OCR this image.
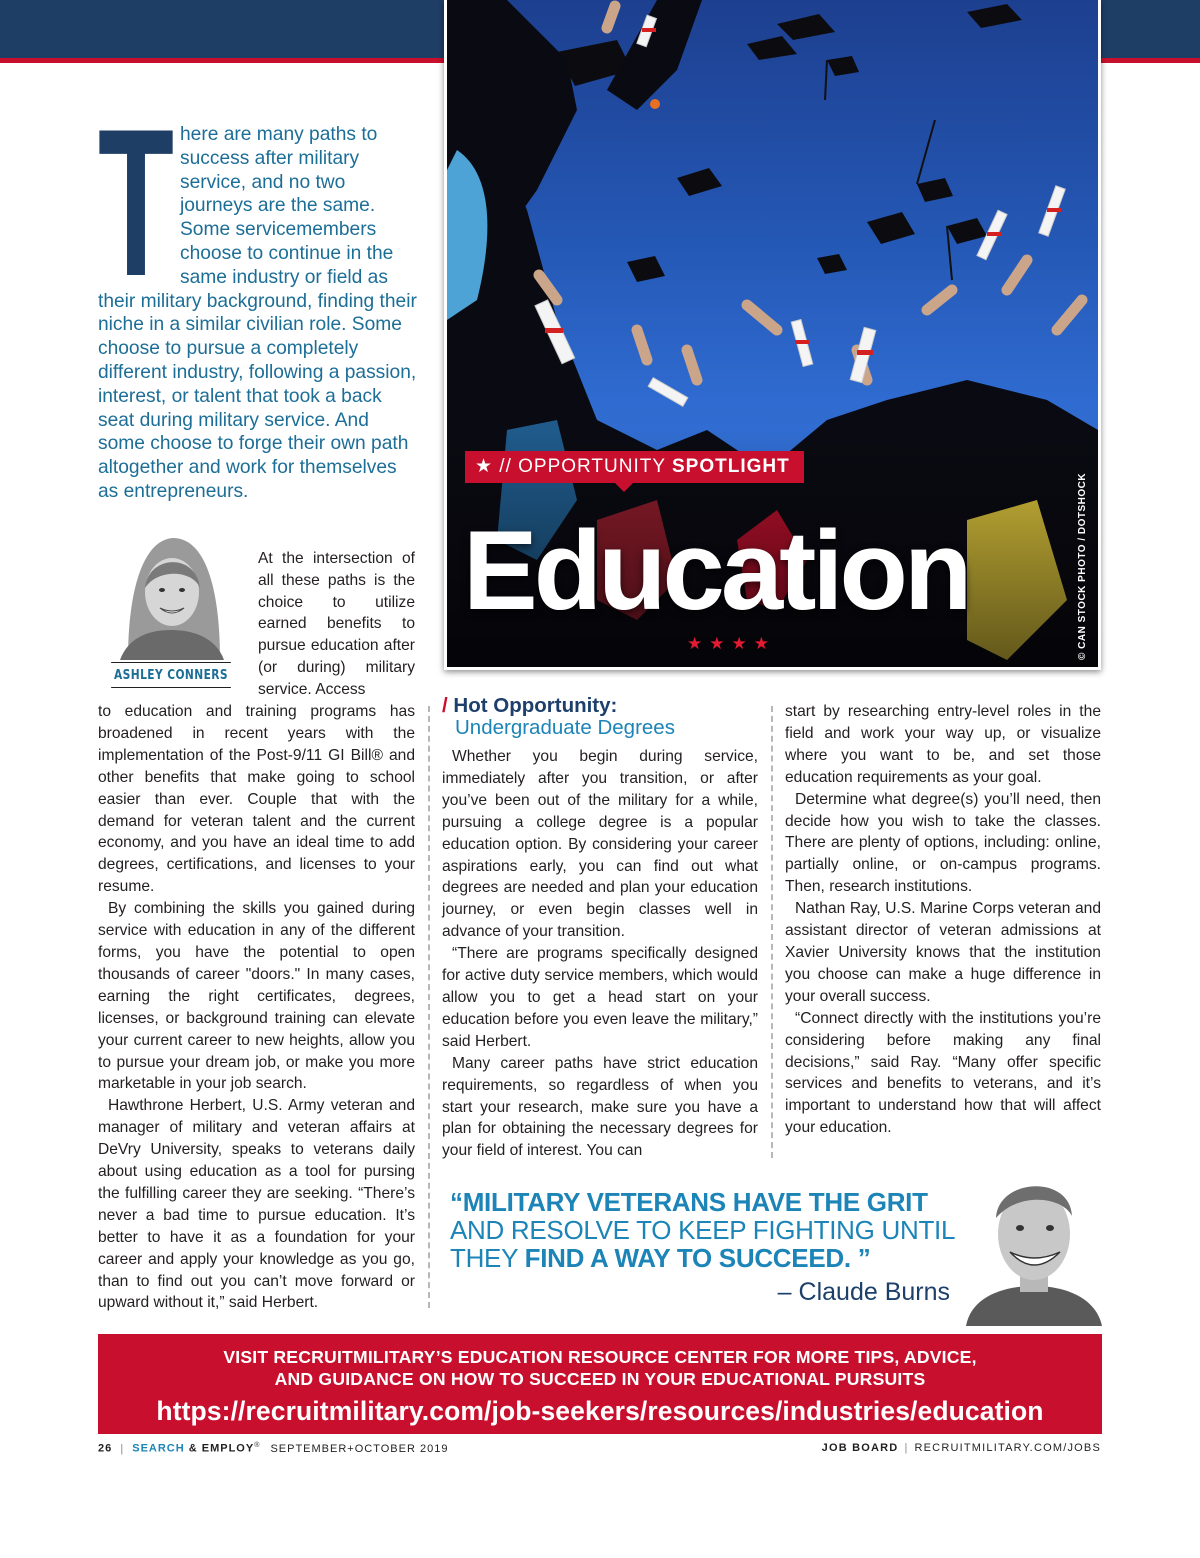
★ // OPPORTUNITY SPOTLIGHT
Education
★★★★	© CAN STOCK PHOTO / DOTSHOCK
T here are many paths to success after military service, and no two journeys are the same. Some servicemembers choose to continue in the same industry or field as their military background, finding their niche in a similar civilian role. Some choose to pursue a completely different industry, following a passion, interest, or talent that took a back seat during military service. And some choose to forge their own path altogether and work for themselves as entrepreneurs.
ASHLEY CONNERS
At the intersection of all these paths is the choice to utilize earned benefits to pursue education after (or during) military service. Access

to education and training programs has broadened in recent years with the implementation of the Post-9/11 GI Bill® and other benefits that make going to school easier than ever. Couple that with the demand for veteran talent and the current economy, and you have an ideal time to add degrees, certifications, and licenses to your resume.

By combining the skills you gained during service with education in any of the different forms, you have the potential to open thousands of career "doors." In many cases, earning the right certificates, degrees, licenses, or background training can elevate your current career to new heights, allow you to pursue your dream job, or make you more marketable in your job search.

Hawthrone Herbert, U.S. Army veteran and manager of military and veteran affairs at DeVry University, speaks to veterans daily about using education as a tool for pursing the fulfilling career they are seeking. “There’s never a bad time to pursue education. It’s better to have it as a foundation for your career and apply your knowledge as you go, than to find out you can’t move forward or upward without it,” said Herbert.

/ Hot Opportunity:
Undergraduate Degrees

Whether you begin during service, immediately after you transition, or after you’ve been out of the military for a while, pursuing a college degree is a popular education option. By considering your career aspirations early, you can find out what degrees are needed and plan your education journey, or even begin classes well in advance of your transition.

“There are programs specifically designed for active duty service members, which would allow you to get a head start on your education before you even leave the military,” said Herbert.

Many career paths have strict education requirements, so regardless of when you start your research, make sure you have a plan for obtaining the necessary degrees for your field of interest. You can

start by researching entry-level roles in the field and work your way up, or visualize where you want to be, and set those education requirements as your goal.

Determine what degree(s) you’ll need, then decide how you wish to take the classes. There are plenty of options, including: online, partially online, or on-campus programs. Then, research institutions.

Nathan Ray, U.S. Marine Corps veteran and assistant director of veteran admissions at Xavier University knows that the institution you choose can make a huge difference in your overall success.

“Connect directly with the institutions you’re considering before making any final decisions,” said Ray. “Many offer specific services and benefits to veterans, and it’s important to understand how that will affect your education.

“MILITARY VETERANS HAVE THE GRIT
AND RESOLVE TO KEEP FIGHTING UNTIL THEY FIND A WAY TO SUCCEED. ”
– Claude Burns
VISIT RECRUITMILITARY’S EDUCATION RESOURCE CENTER FOR MORE TIPS, ADVICE,
AND GUIDANCE ON HOW TO SUCCEED IN YOUR EDUCATIONAL PURSUITS
https://recruitmilitary.com/job-seekers/resources/industries/education
26 | SEARCH & EMPLOY® SEPTEMBER+OCTOBER 2019	JOB BOARD | RECRUITMILITARY.COM/JOBS
